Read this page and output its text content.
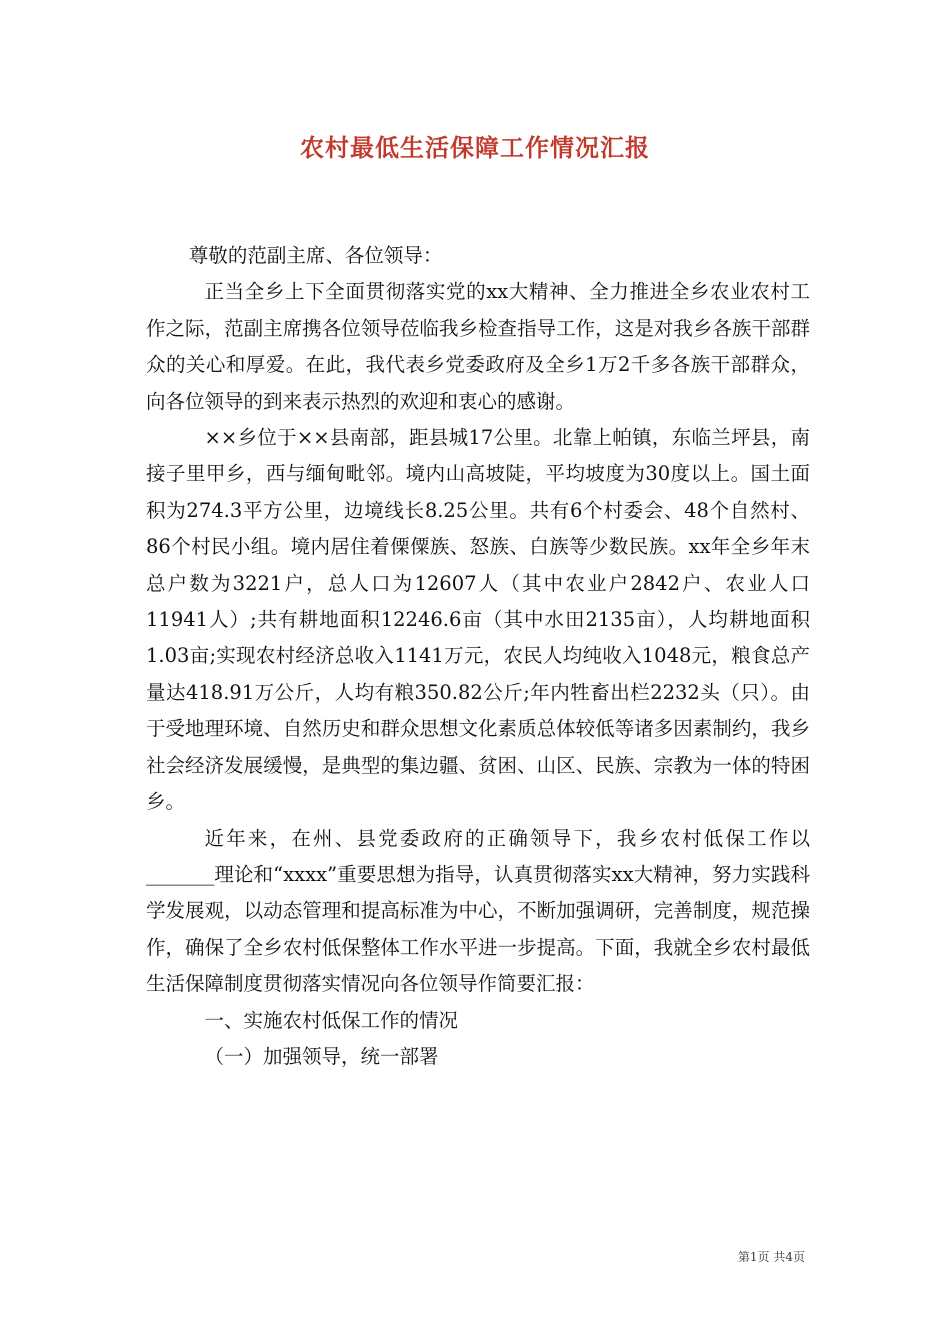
农村最低生活保障工作情况汇报

尊敬的范副主席、各位领导：

正当全乡上下全面贯彻落实党的xx大精神、全力推进全乡农业农村工作之际，范副主席携各位领导莅临我乡检查指导工作，这是对我乡各族干部群众的关心和厚爱。在此，我代表乡党委政府及全乡1万2千多各族干部群众，向各位领导的到来表示热烈的欢迎和衷心的感谢。

××乡位于××县南部，距县城17公里。北靠上帕镇，东临兰坪县，南接子里甲乡，西与缅甸毗邻。境内山高坡陡，平均坡度为30度以上。国土面积为274.3平方公里，边境线长8.25公里。共有6个村委会、48个自然村、86个村民小组。境内居住着傈僳族、怒族、白族等少数民族。xx年全乡年末总户数为3221户，总人口为12607人（其中农业户2842户、农业人口11941人）;共有耕地面积12246.6亩（其中水田2135亩），人均耕地面积1.03亩;实现农村经济总收入1141万元，农民人均纯收入1048元，粮食总产量达418.91万公斤，人均有粮350.82公斤;年内牲畜出栏2232头（只）。由于受地理环境、自然历史和群众思想文化素质总体较低等诸多因素制约，我乡社会经济发展缓慢，是典型的集边疆、贫困、山区、民族、宗教为一体的特困乡。

近年来，在州、县党委政府的正确领导下，我乡农村低保工作以_______理论和“xxxx”重要思想为指导，认真贯彻落实xx大精神，努力实践科学发展观，以动态管理和提高标准为中心，不断加强调研，完善制度，规范操作，确保了全乡农村低保整体工作水平进一步提高。下面，我就全乡农村最低生活保障制度贯彻落实情况向各位领导作简要汇报：

一、实施农村低保工作的情况

（一）加强领导，统一部署

第1页 共4页
